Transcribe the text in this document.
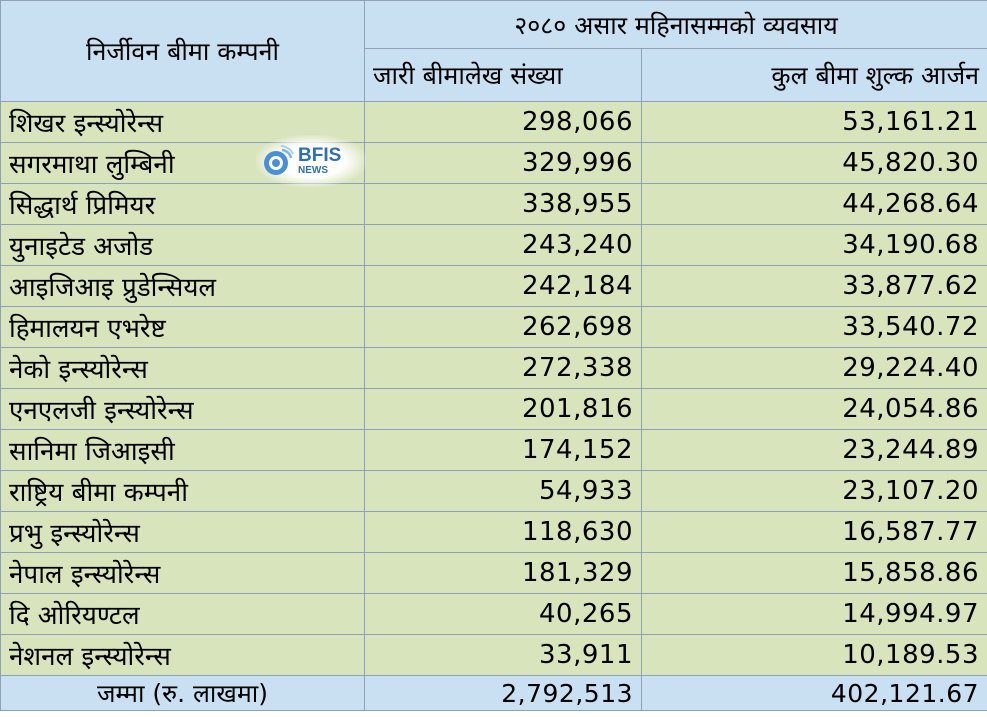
निर्जीवन बीमा कम्पनी	२०८० असार महिनासम्मको व्यवसाय	
	जारी बीमालेख संख्या	कुल बीमा शुल्क आर्जन
शिखर इन्स्योरेन्स	298,066	53,161.21
सगरमाथा लुम्बिनी	329,996	45,820.30
सिद्धार्थ प्रिमियर	338,955	44,268.64
युनाइटेड अजोड	243,240	34,190.68
आइजिआइ प्रुडेन्सियल	242,184	33,877.62
हिमालयन एभरेष्ट	262,698	33,540.72
नेको इन्स्योरेन्स	272,338	29,224.40
एनएलजी इन्स्योरेन्स	201,816	24,054.86
सानिमा जिआइसी	174,152	23,244.89
राष्ट्रिय बीमा कम्पनी	54,933	23,107.20
प्रभु इन्स्योरेन्स	118,630	16,587.77
नेपाल इन्स्योरेन्स	181,329	15,858.86
दि ओरियण्टल	40,265	14,994.97
नेशनल इन्स्योरेन्स	33,911	10,189.53
जम्मा (रु. लाखमा)	2,792,513	402,121.67
BFIS
NEWS
